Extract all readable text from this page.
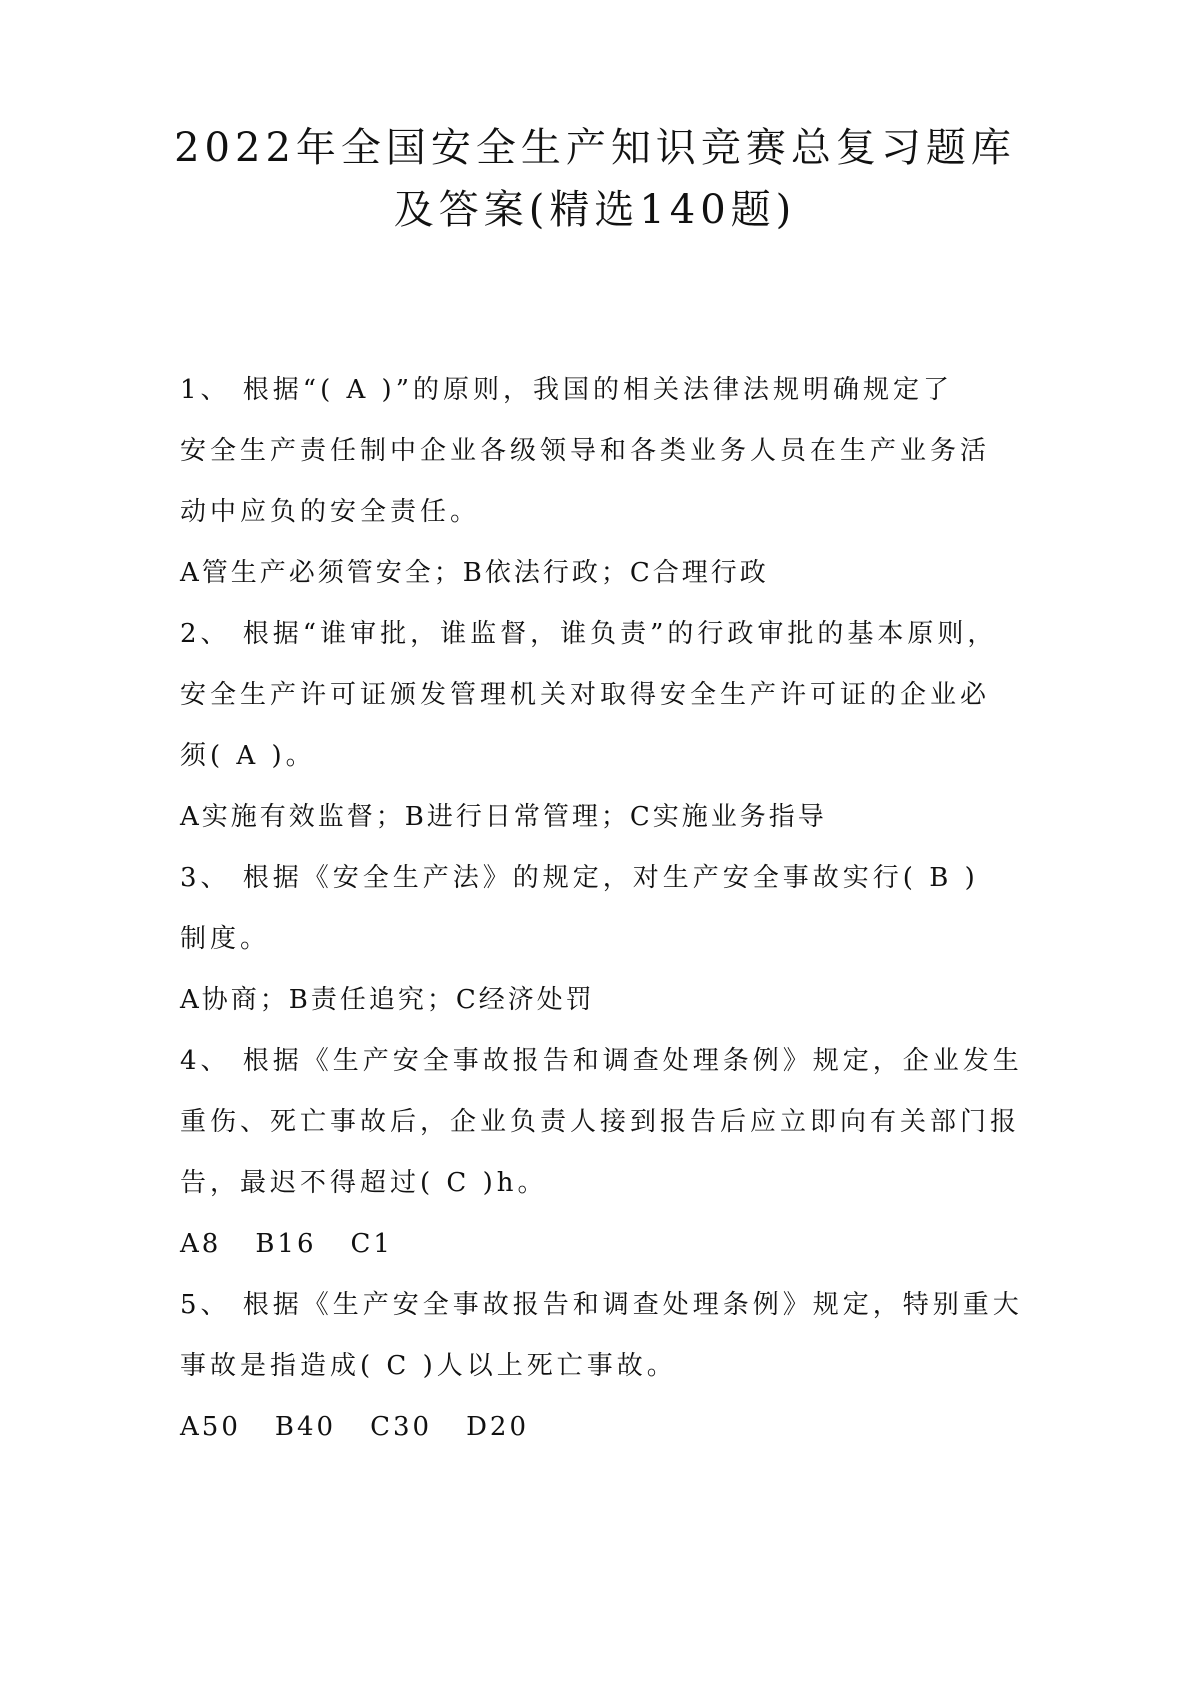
2022年全国安全生产知识竞赛总复习题库
及答案(精选140题)

1、 根据“( A )”的原则，我国的相关法律法规明确规定了

安全生产责任制中企业各级领导和各类业务人员在生产业务活

动中应负的安全责任。

A管生产必须管安全；B依法行政；C合理行政

2、 根据“谁审批，谁监督，谁负责”的行政审批的基本原则，

安全生产许可证颁发管理机关对取得安全生产许可证的企业必

须( A )。

A实施有效监督；B进行日常管理；C实施业务指导

3、 根据《安全生产法》的规定，对生产安全事故实行( B )

制度。

A协商；B责任追究；C经济处罚

4、 根据《生产安全事故报告和调查处理条例》规定，企业发生

重伤、死亡事故后，企业负责人接到报告后应立即向有关部门报

告，最迟不得超过( C )h。

A8 B16 C1

5、 根据《生产安全事故报告和调查处理条例》规定，特别重大

事故是指造成( C )人以上死亡事故。

A50 B40 C30 D20
